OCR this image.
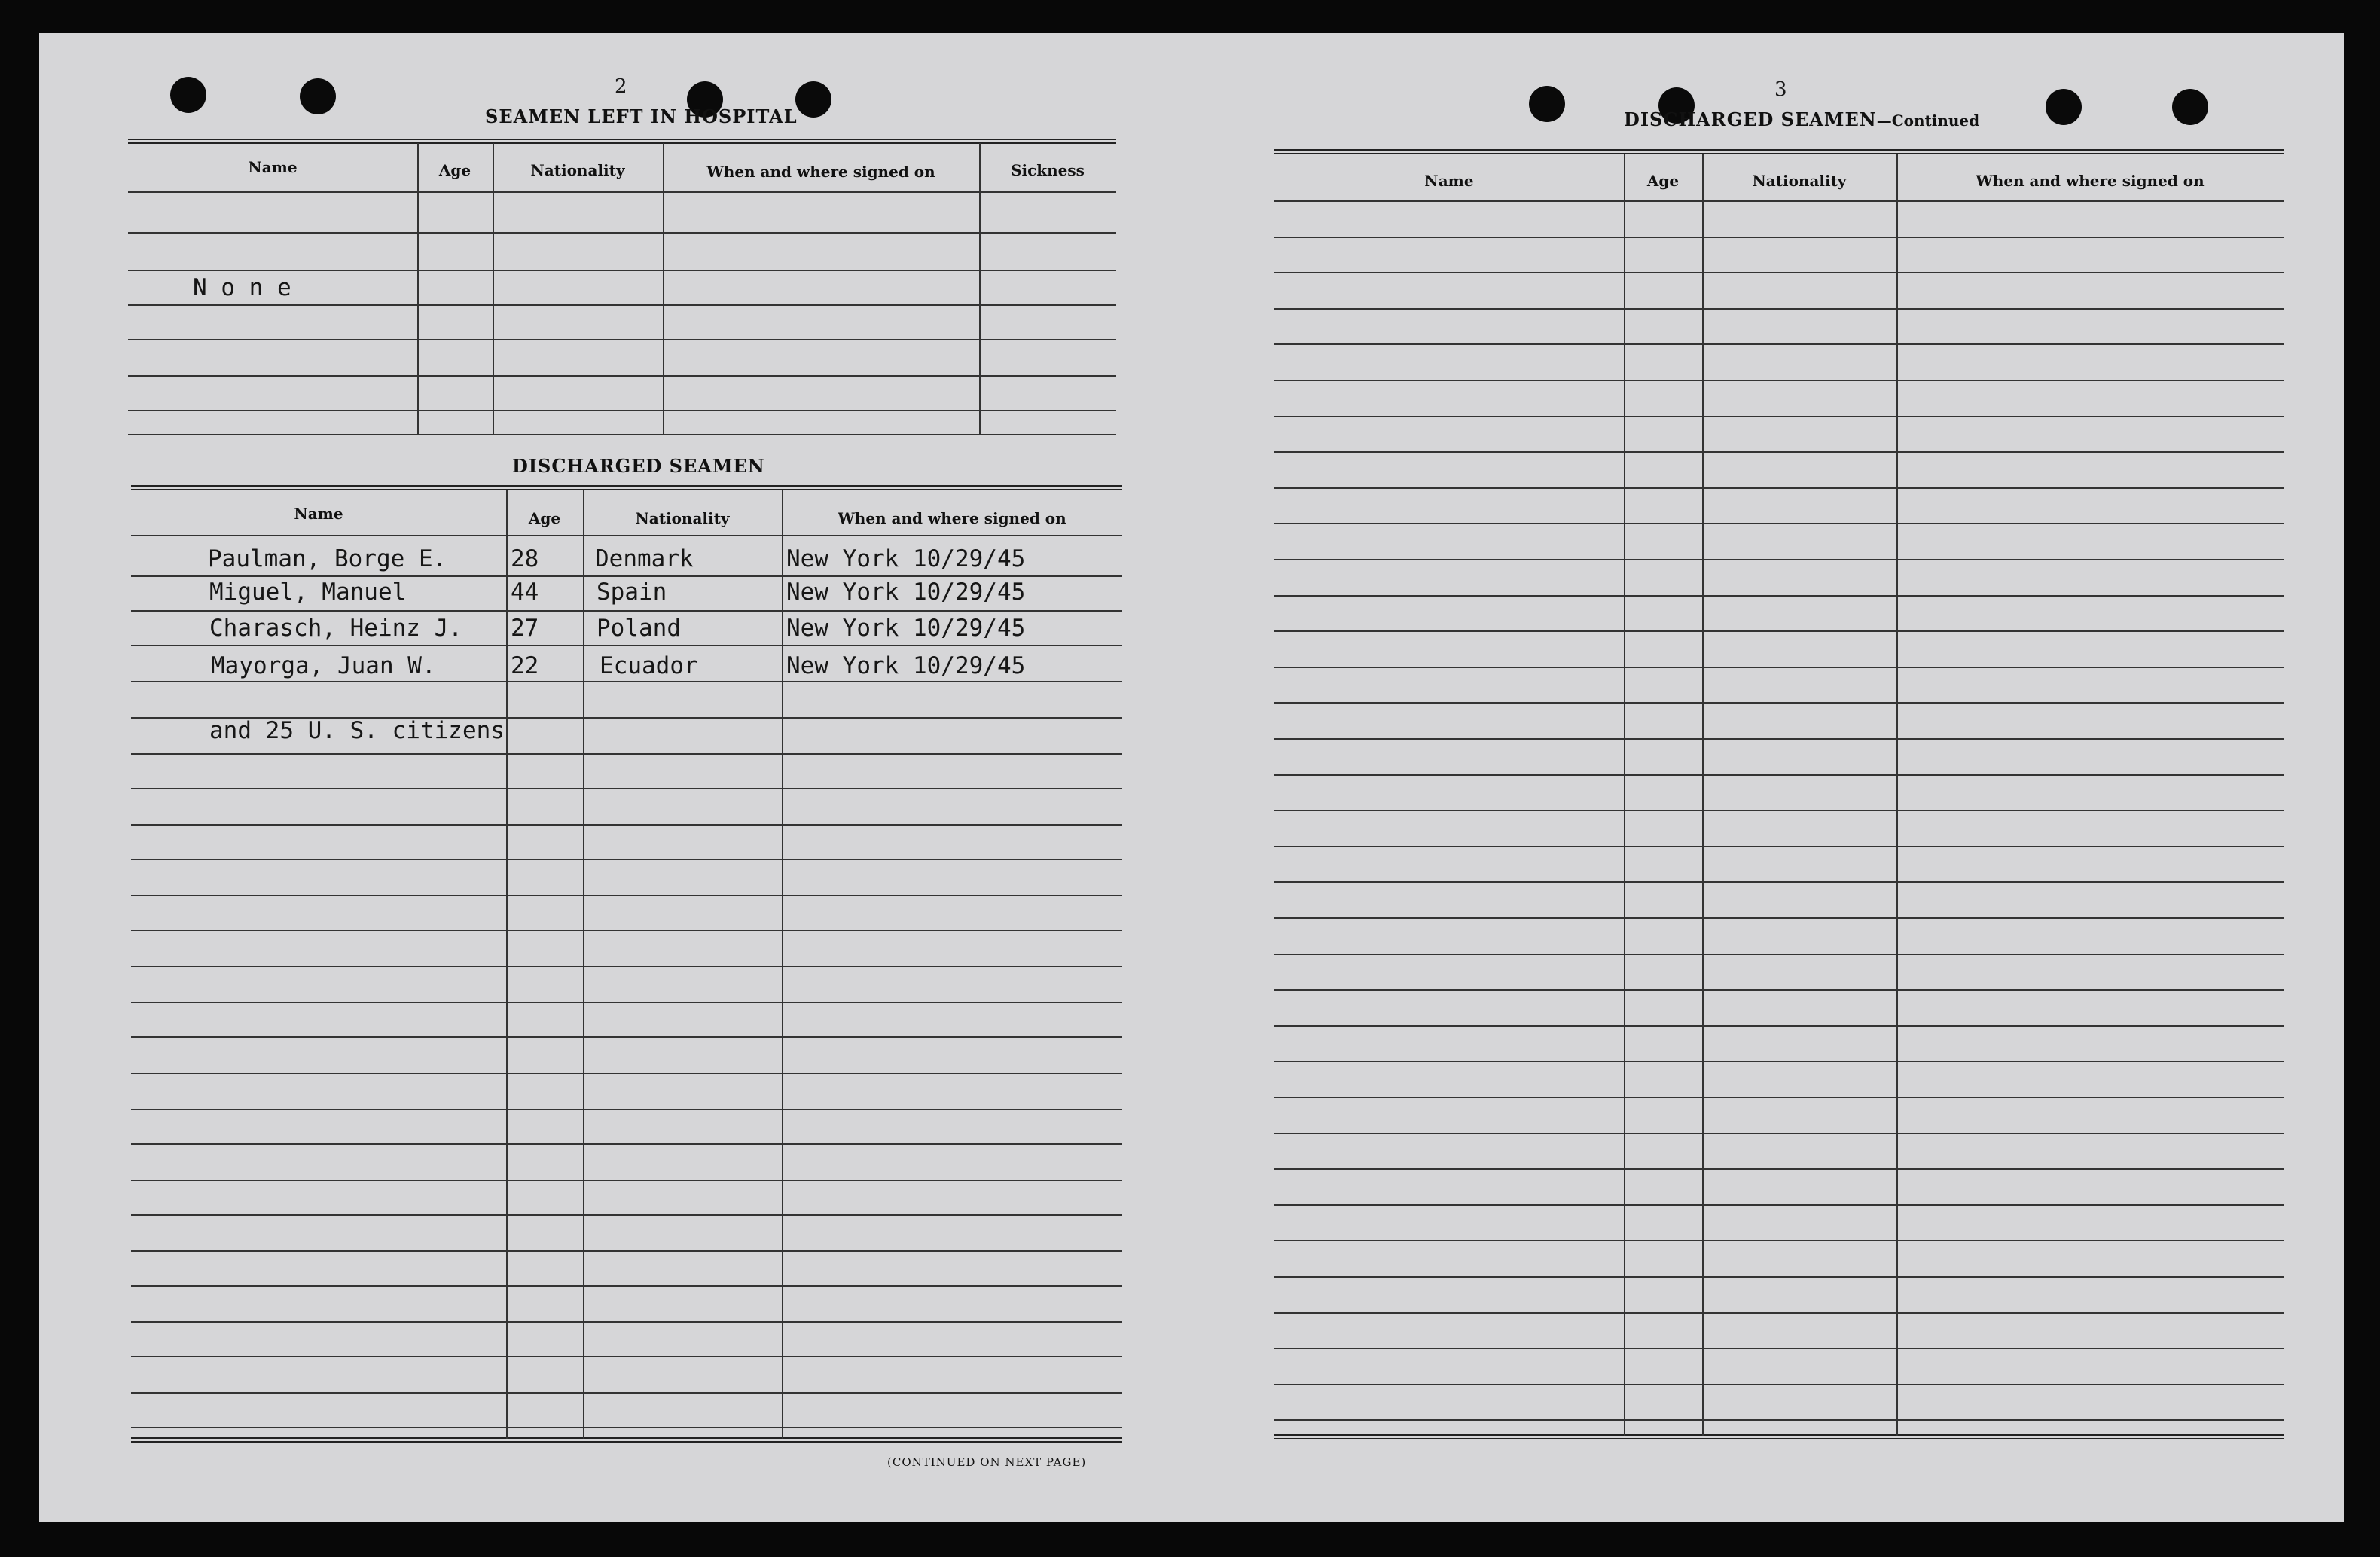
2
SEAMEN LEFT IN HOSPITAL
Name	Age	Nationality	When and where signed on	Sickness
N o n e
DISCHARGED SEAMEN
Name	Age	Nationality	When and where signed on
Paulman, Borge E.	28 Denmark	New York 10/29/45
Miguel, Manuel	44 Spain	New York 10/29/45
Charasch, Heinz J. 27 Poland	New York 10/29/45
Mayorga, Juan W.	22	Ecuador	New York 10/29/45
and 25 U. S. citizens
(CONTINUED ON NEXT PAGE)
3
DISCHARGED SEAMEN—Continued
Name	Age	Nationality	When and where signed on
